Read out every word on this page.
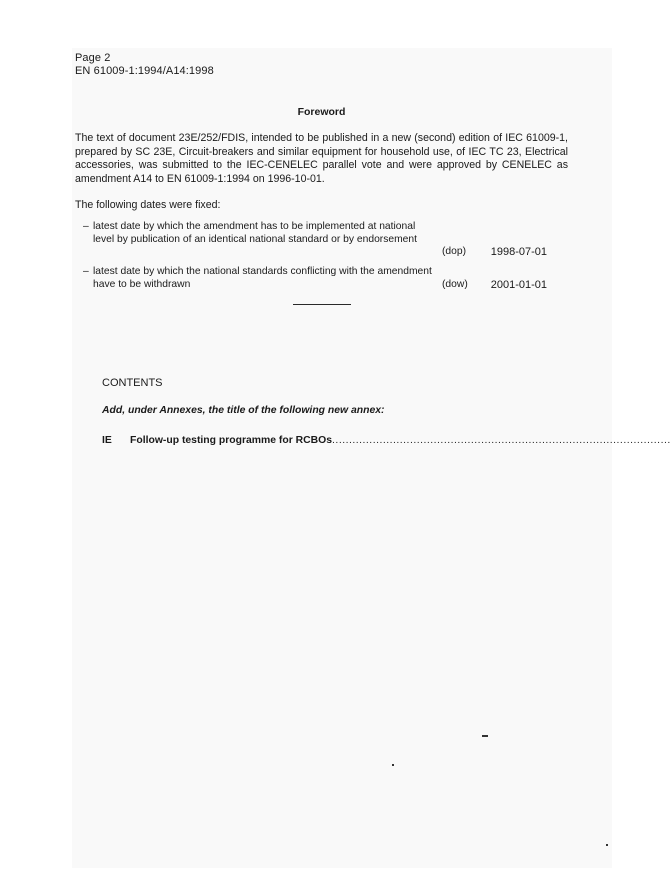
Page 2
EN 61009-1:1994/A14:1998
Foreword
The text of document 23E/252/FDIS, intended to be published in a new (second) edition of IEC 61009-1, prepared by SC 23E, Circuit-breakers and similar equipment for household use, of IEC TC 23, Electrical accessories, was submitted to the IEC-CENELEC parallel vote and were approved by CENELEC as amendment A14 to EN 61009-1:1994 on 1996-10-01.
The following dates were fixed:
– latest date by which the amendment has to be implemented at national level by publication of an identical national standard or by endorsement
(dop)	1998-07-01
– latest date by which the national standards conflicting with the amendment have to be withdrawn	(dow)	2001-01-01
CONTENTS
Add, under Annexes, the title of the following new annex:
IE	Follow-up testing programme for RCBOs ....................................................................................................
